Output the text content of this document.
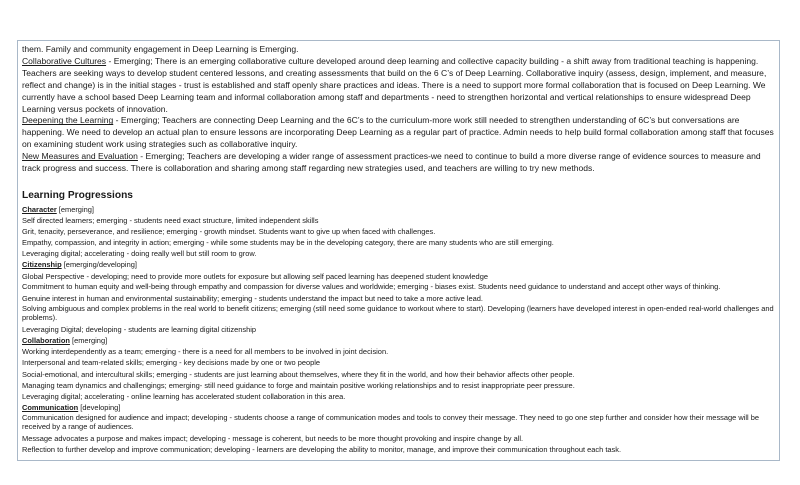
them. Family and community engagement in Deep Learning is Emerging.

Collaborative Cultures - Emerging; There is an emerging collaborative culture developed around deep learning and collective capacity building - a shift away from traditional teaching is happening. Teachers are seeking ways to develop student centered lessons, and creating assessments that build on the 6 C’s of Deep Learning. Collaborative inquiry (assess, design, implement, and measure, reflect and change) is in the initial stages - trust is established and staff openly share practices and ideas. There is a need to support more formal collaboration that is focused on Deep Learning. We currently have a school based Deep Learning team and informal collaboration among staff and departments - need to strengthen horizontal and vertical relationships to ensure widespread Deep Learning versus pockets of innovation.

Deepening the Learning - Emerging; Teachers are connecting Deep Learning and the 6C’s to the curriculum-more work still needed to strengthen understanding of 6C’s but conversations are happening. We need to develop an actual plan to ensure lessons are incorporating Deep Learning as a regular part of practice. Admin needs to help build formal collaboration among staff that focuses on examining student work using strategies such as collaborative inquiry.

New Measures and Evaluation - Emerging; Teachers are developing a wider range of assessment practices-we need to continue to build a more diverse range of evidence sources to measure and track progress and success. There is collaboration and sharing among staff regarding new strategies used, and teachers are willing to try new methods.

Learning Progressions

Character [emerging]

Self directed learners; emerging - students need exact structure, limited independent skills

Grit, tenacity, perseverance, and resilience; emerging - growth mindset. Students want to give up when faced with challenges.

Empathy, compassion, and integrity in action; emerging - while some students may be in the developing category, there are many students who are still emerging.

Leveraging digital; accelerating - doing really well but still room to grow.

Citizenship [emerging/developing]

Global Perspective - developing; need to provide more outlets for exposure but allowing self paced learning has deepened student knowledge

Commitment to human equity and well-being through empathy and compassion for diverse values and worldwide; emerging - biases exist. Students need guidance to understand and accept other ways of thinking.

Genuine interest in human and environmental sustainability; emerging - students understand the impact but need to take a more active lead.

Solving ambiguous and complex problems in the real world to benefit citizens; emerging (still need some guidance to workout where to start). Developing (learners have developed interest in open-ended real-world challenges and problems).

Leveraging Digital; developing - students are learning digital citizenship

Collaboration [emerging]

Working interdependently as a team; emerging - there is a need for all members to be involved in joint decision.

Interpersonal and team-related skills; emerging - key decisions made by one or two people

Social-emotional, and intercultural skills; emerging - students are just learning about themselves, where they fit in the world, and how their behavior affects other people.

Managing team dynamics and challengings; emerging- still need guidance to forge and maintain positive working relationships and to resist inappropriate peer pressure.

Leveraging digital; accelerating - online learning has accelerated student collaboration in this area.

Communication [developing]

Communication designed for audience and impact; developing - students choose a range of communication modes and tools to convey their message. They need to go one step further and consider how their message will be received by a range of audiences.

Message advocates a purpose and makes impact; developing - message is coherent, but needs to be more thought provoking and inspire change by all.

Reflection to further develop and improve communication; developing - learners are developing the ability to monitor, manage, and improve their communication throughout each task.
